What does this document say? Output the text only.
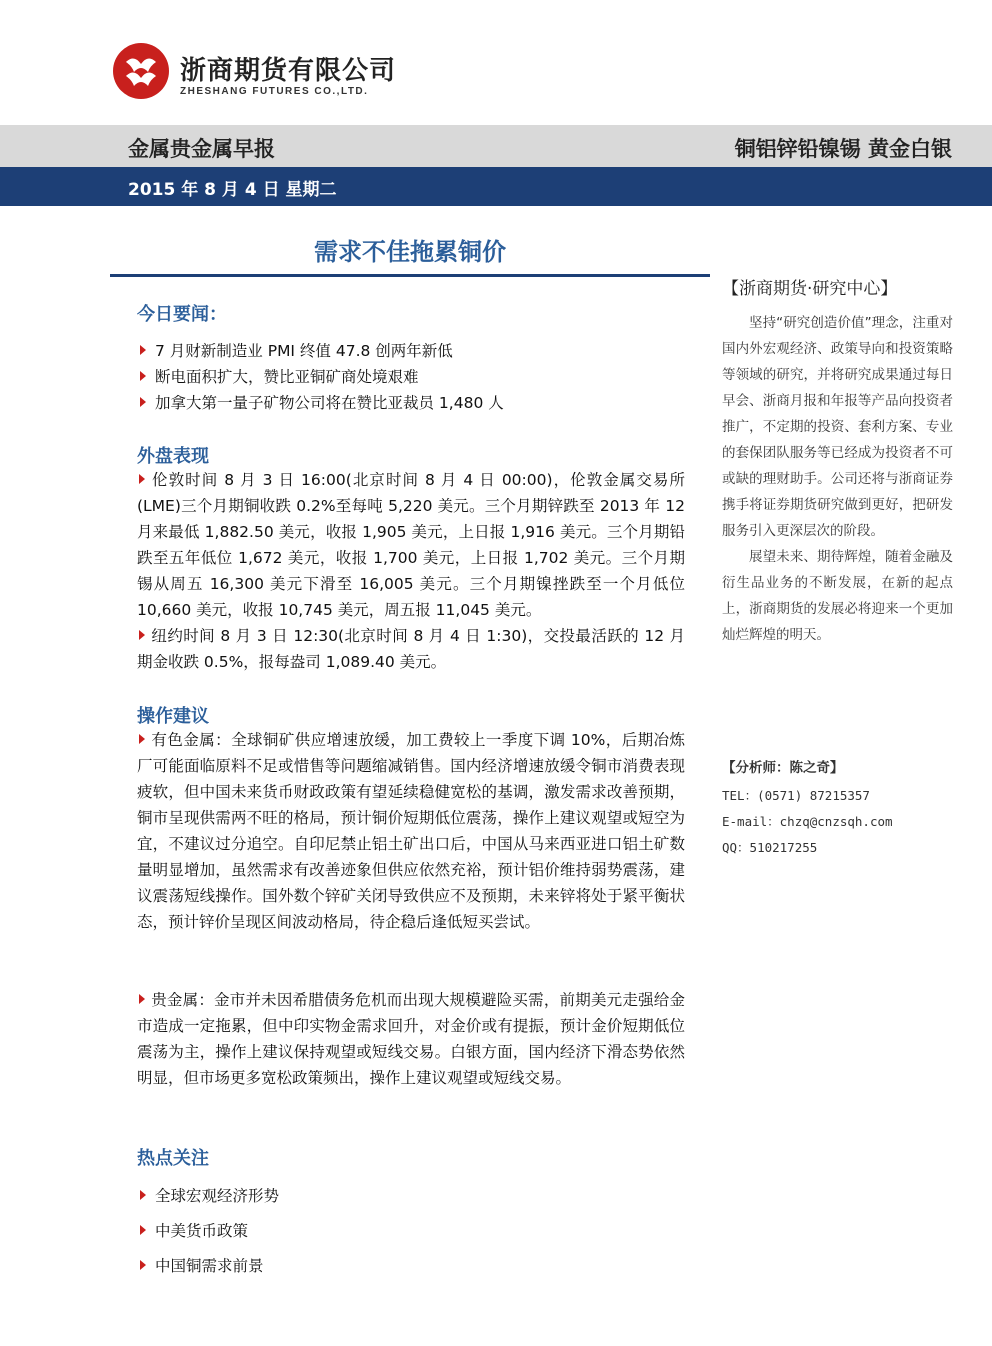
浙商期货有限公司
ZHESHANG FUTURES CO.,LTD.
金属贵金属早报	铜铝锌铅镍锡 黄金白银
2015 年 8 月 4 日 星期二
需求不佳拖累铜价
今日要闻：
7 月财新制造业 PMI 终值 47.8 创两年新低
断电面积扩大，赞比亚铜矿商处境艰难
加拿大第一量子矿物公司将在赞比亚裁员 1,480 人
外盘表现

伦敦时间 8 月 3 日 16:00(北京时间 8 月 4 日 00:00)，伦敦金属交易所(LME)三个月期铜收跌 0.2%至每吨 5,220 美元。三个月期锌跌至 2013 年 12 月来最低 1,882.50 美元，收报 1,905 美元，上日报 1,916 美元。三个月期铅跌至五年低位 1,672 美元，收报 1,700 美元，上日报 1,702 美元。三个月期锡从周五 16,300 美元下滑至 16,005 美元。三个月期镍挫跌至一个月低位 10,660 美元，收报 10,745 美元，周五报 11,045 美元。

纽约时间 8 月 3 日 12:30(北京时间 8 月 4 日 1:30)，交投最活跃的 12 月期金收跌 0.5%，报每盎司 1,089.40 美元。

操作建议

有色金属：全球铜矿供应增速放缓，加工费较上一季度下调 10%，后期冶炼厂可能面临原料不足或惜售等问题缩减销售。国内经济增速放缓令铜市消费表现疲软，但中国未来货币财政政策有望延续稳健宽松的基调，激发需求改善预期，铜市呈现供需两不旺的格局，预计铜价短期低位震荡，操作上建议观望或短空为宜，不建议过分追空。自印尼禁止铝土矿出口后，中国从马来西亚进口铝土矿数量明显增加，虽然需求有改善迹象但供应依然充裕，预计铝价维持弱势震荡，建议震荡短线操作。国外数个锌矿关闭导致供应不及预期，未来锌将处于紧平衡状态，预计锌价呈现区间波动格局，待企稳后逢低短买尝试。

贵金属：金市并未因希腊债务危机而出现大规模避险买需，前期美元走强给金市造成一定拖累，但中印实物金需求回升，对金价或有提振，预计金价短期低位震荡为主，操作上建议保持观望或短线交易。白银方面，国内经济下滑态势依然明显，但市场更多宽松政策频出，操作上建议观望或短线交易。

热点关注
全球宏观经济形势
中美货币政策
中国铜需求前景
【浙商期货·研究中心】

坚持“研究创造价值”理念，注重对国内外宏观经济、政策导向和投资策略等领域的研究，并将研究成果通过每日早会、浙商月报和年报等产品向投资者推广，不定期的投资、套利方案、专业的套保团队服务等已经成为投资者不可或缺的理财助手。公司还将与浙商证券携手将证券期货研究做到更好，把研发服务引入更深层次的阶段。

展望未来、期待辉煌，随着金融及衍生品业务的不断发展，在新的起点上，浙商期货的发展必将迎来一个更加灿烂辉煌的明天。

【分析师：陈之奇】
TEL：(0571) 87215357
E-mail：chzq@cnzsqh.com
QQ：510217255
